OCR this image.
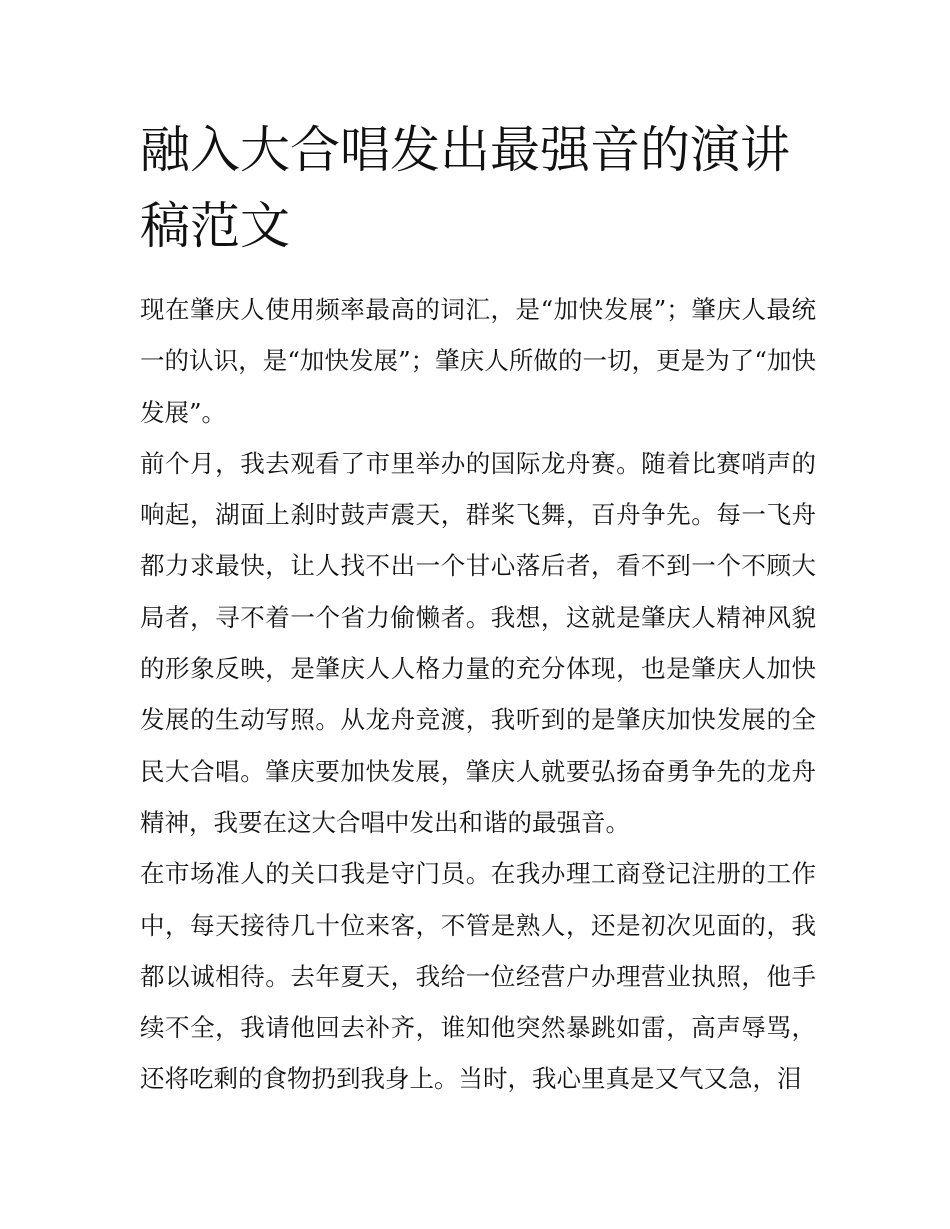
融入大合唱发出最强音的演讲稿范文

现在肇庆人使用频率最高的词汇，是“加快发展”；肇庆人最统一的认识，是“加快发展”；肇庆人所做的一切，更是为了“加快发展”。

前个月，我去观看了市里举办的国际龙舟赛。随着比赛哨声的响起，湖面上刹时鼓声震天，群桨飞舞，百舟争先。每一飞舟都力求最快，让人找不出一个甘心落后者，看不到一个不顾大局者，寻不着一个省力偷懒者。我想，这就是肇庆人精神风貌的形象反映，是肇庆人人格力量的充分体现，也是肇庆人加快发展的生动写照。从龙舟竞渡，我听到的是肇庆加快发展的全民大合唱。肇庆要加快发展，肇庆人就要弘扬奋勇争先的龙舟精神，我要在这大合唱中发出和谐的最强音。

在市场准人的关口我是守门员。在我办理工商登记注册的工作中，每天接待几十位来客，不管是熟人，还是初次见面的，我都以诚相待。去年夏天，我给一位经营户办理营业执照，他手续不全，我请他回去补齐，谁知他突然暴跳如雷，高声辱骂，还将吃剩的食物扔到我身上。当时，我心里真是又气又急，泪
